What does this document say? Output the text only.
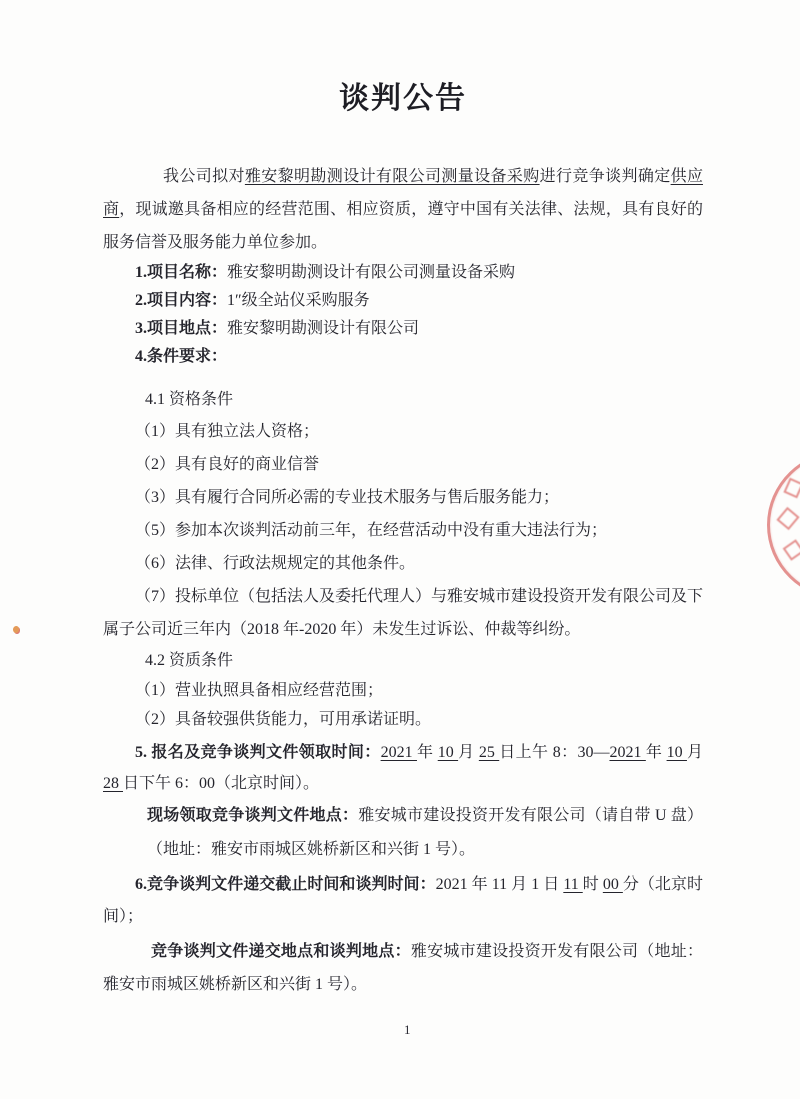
谈判公告
我公司拟对雅安黎明勘测设计有限公司测量设备采购进行竞争谈判确定供应商，现诚邀具备相应的经营范围、相应资质，遵守中国有关法律、法规，具有良好的服务信誉及服务能力单位参加。
1.项目名称：雅安黎明勘测设计有限公司测量设备采购
2.项目内容：1″级全站仪采购服务
3.项目地点：雅安黎明勘测设计有限公司
4.条件要求：
4.1 资格条件
（1）具有独立法人资格；
（2）具有良好的商业信誉
（3）具有履行合同所必需的专业技术服务与售后服务能力；
（5）参加本次谈判活动前三年，在经营活动中没有重大违法行为；
（6）法律、行政法规规定的其他条件。
（7）投标单位（包括法人及委托代理人）与雅安城市建设投资开发有限公司及下属子公司近三年内（2018 年-2020 年）未发生过诉讼、仲裁等纠纷。
4.2 资质条件
（1）营业执照具备相应经营范围；
（2）具备较强供货能力，可用承诺证明。
5. 报名及竞争谈判文件领取时间：2021 年 10 月 25 日上午 8：30—2021 年 10 月 28 日下午 6：00（北京时间）。
现场领取竞争谈判文件地点：雅安城市建设投资开发有限公司（请自带 U 盘）（地址：雅安市雨城区姚桥新区和兴街 1 号）。
6.竞争谈判文件递交截止时间和谈判时间：2021 年 11 月 1 日 11 时 00 分（北京时间）；
竞争谈判文件递交地点和谈判地点：雅安城市建设投资开发有限公司（地址：雅安市雨城区姚桥新区和兴街 1 号）。
1
